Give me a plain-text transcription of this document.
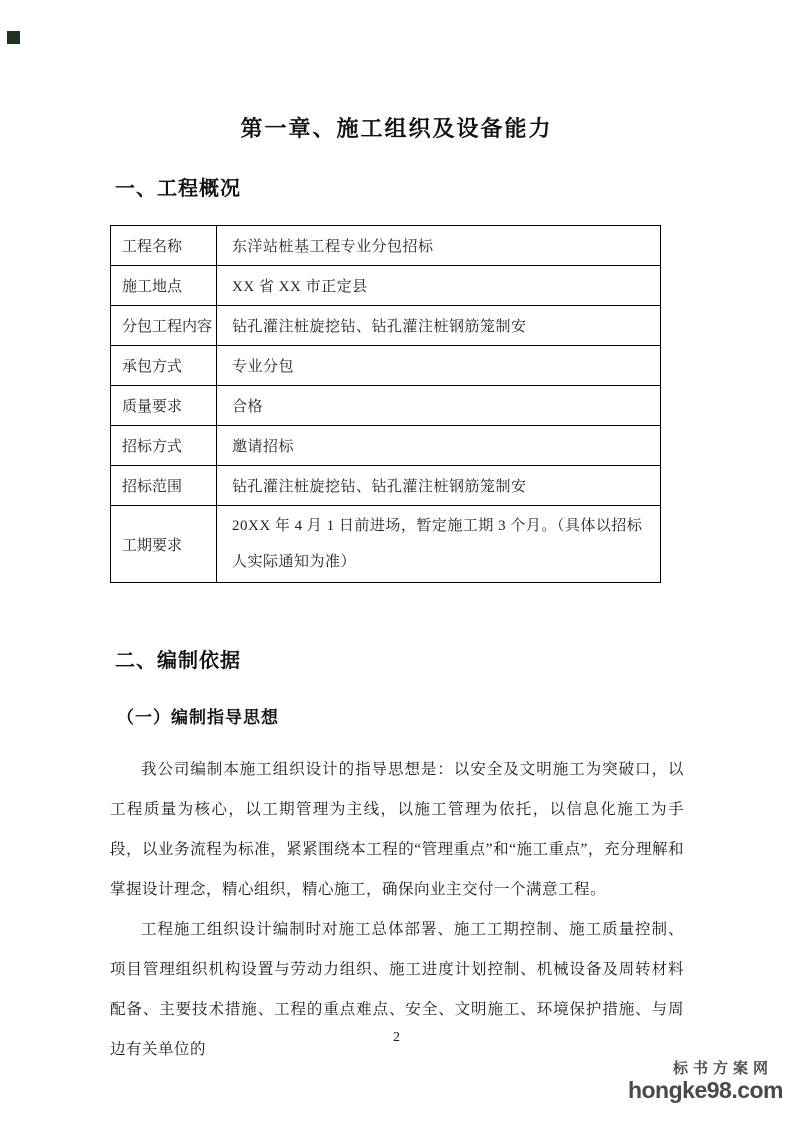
第一章、施工组织及设备能力
一、工程概况
工程名称	东洋站桩基工程专业分包招标
施工地点	XX 省 XX 市正定县
分包工程内容	钻孔灌注桩旋挖钻、钻孔灌注桩钢筋笼制安
承包方式	专业分包
质量要求	合格
招标方式	邀请招标
招标范围	钻孔灌注桩旋挖钻、钻孔灌注桩钢筋笼制安
工期要求	20XX 年 4 月 1 日前进场，暂定施工期 3 个月。（具体以招标人实际通知为准）
二、编制依据
（一）编制指导思想

我公司编制本施工组织设计的指导思想是：以安全及文明施工为突破口，以工程质量为核心，以工期管理为主线，以施工管理为依托，以信息化施工为手段，以业务流程为标准，紧紧围绕本工程的“管理重点”和“施工重点”，充分理解和掌握设计理念，精心组织，精心施工，确保向业主交付一个满意工程。

工程施工组织设计编制时对施工总体部署、施工工期控制、施工质量控制、项目管理组织机构设置与劳动力组织、施工进度计划控制、机械设备及周转材料配备、主要技术措施、工程的重点难点、安全、文明施工、环境保护措施、与周边有关单位的

2
标书方案网
hongke98.com
